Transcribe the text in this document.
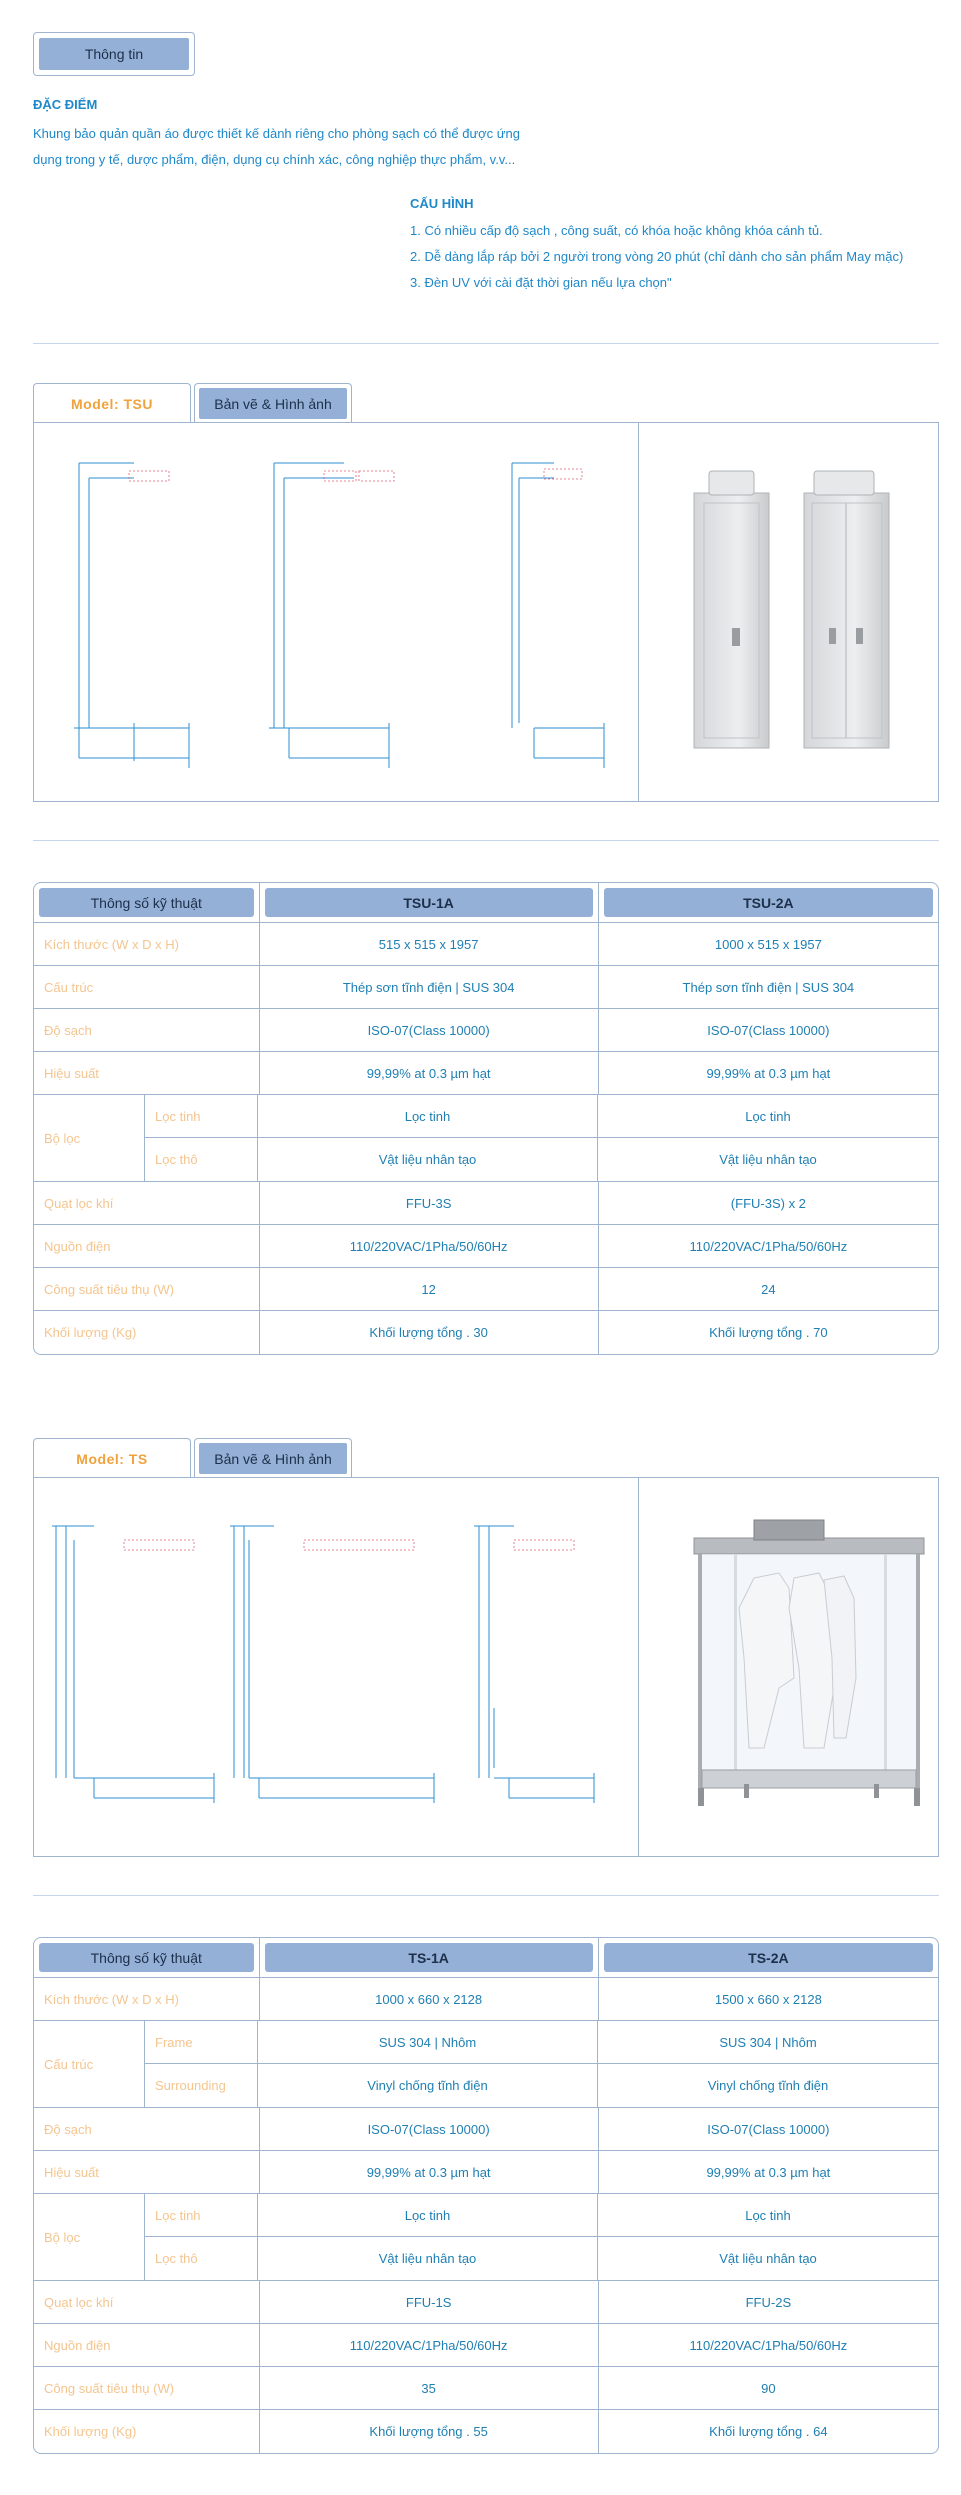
Thông tin
ĐẶC ĐIỂM
Khung bảo quản quần áo được thiết kế dành riêng cho phòng sạch có thể được ứng
dụng trong y tế, dược phẩm, điện, dụng cụ chính xác, công nghiệp thực phẩm, v.v...
CẤU HÌNH
1. Có nhiều cấp độ sạch , công suất, có khóa hoặc không khóa cánh tủ.
2. Dễ dàng lắp ráp bởi 2 người trong vòng 20 phút (chỉ dành cho sản phẩm May mặc)
3. Đèn UV với cài đặt thời gian nếu lựa chọn"
Model: TSU	Bản vẽ & Hình ảnh
Thông số kỹ thuật	TSU-1A	TSU-2A
Kích thước (W x D x H)	515 x 515 x 1957	1000 x 515 x 1957
Cấu trúc	Thép sơn tĩnh điện | SUS 304	Thép sơn tĩnh điện | SUS 304
Độ sạch	ISO-07(Class 10000)	ISO-07(Class 10000)
Hiệu suất	99,99% at 0.3 µm hạt	99,99% at 0.3 µm hạt
Bộ lọc
Lọc tinh	Lọc tinh	Lọc tinh
Lọc thô	Vật liệu nhân tạo	Vật liệu nhân tạo
Quạt lọc khí	FFU-3S	(FFU-3S) x 2
Nguồn điện	110/220VAC/1Pha/50/60Hz	110/220VAC/1Pha/50/60Hz
Công suất tiêu thụ (W)	12	24
Khối lượng (Kg)	Khối lượng tổng . 30	Khối lượng tổng . 70
Model: TS	Bản vẽ & Hình ảnh
Thông số kỹ thuật	TS-1A	TS-2A
Kích thước (W x D x H)	1000 x 660 x 2128	1500 x 660 x 2128
Cấu trúc
Frame	SUS 304 | Nhôm	SUS 304 | Nhôm
Surrounding	Vinyl chống tĩnh điện	Vinyl chống tĩnh điện
Độ sạch	ISO-07(Class 10000)	ISO-07(Class 10000)
Hiệu suất	99,99% at 0.3 µm hạt	99,99% at 0.3 µm hạt
Bộ lọc
Lọc tinh	Lọc tinh	Lọc tinh
Lọc thô	Vật liệu nhân tạo	Vật liệu nhân tạo
Quạt lọc khí	FFU-1S	FFU-2S
Nguồn điện	110/220VAC/1Pha/50/60Hz	110/220VAC/1Pha/50/60Hz
Công suất tiêu thụ (W)	35	90
Khối lượng (Kg)	Khối lượng tổng . 55	Khối lượng tổng . 64
